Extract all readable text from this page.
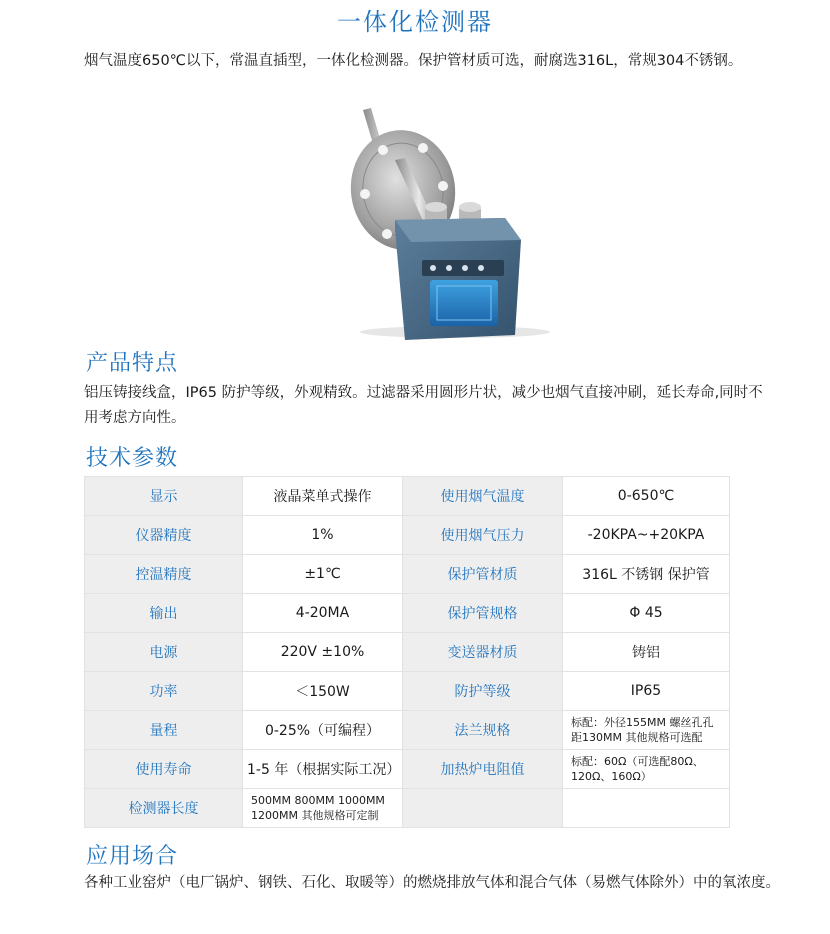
一体化检测器
烟气温度650℃以下，常温直插型，一体化检测器。保护管材质可选，耐腐选316L，常规304不锈钢。
产品特点
铝压铸接线盒，IP65 防护等级，外观精致。过滤器采用圆形片状，减少也烟气直接冲刷，延长寿命,同时不用考虑方向性。
技术参数
显示	液晶菜单式操作	使用烟气温度	0-650℃
仪器精度	1%	使用烟气压力	-20KPA~+20KPA
控温精度	±1℃	保护管材质	316L 不锈钢 保护管
输出	4-20MA	保护管规格	Φ 45
电源	220V ±10%	变送器材质	铸铝
功率	＜150W	防护等级	IP65
量程	0-25%（可编程）	法兰规格	标配：外径155MM 螺丝孔孔
距130MM 其他规格可选配
使用寿命	1-5 年（根据实际工况）	加热炉电阻值	标配：60Ω（可选配80Ω、
120Ω、160Ω）
检测器长度	500MM 800MM 1000MM
1200MM 其他规格可定制		
应用场合
各种工业窑炉（电厂锅炉、钢铁、石化、取暖等）的燃烧排放气体和混合气体（易燃气体除外）中的氧浓度。
